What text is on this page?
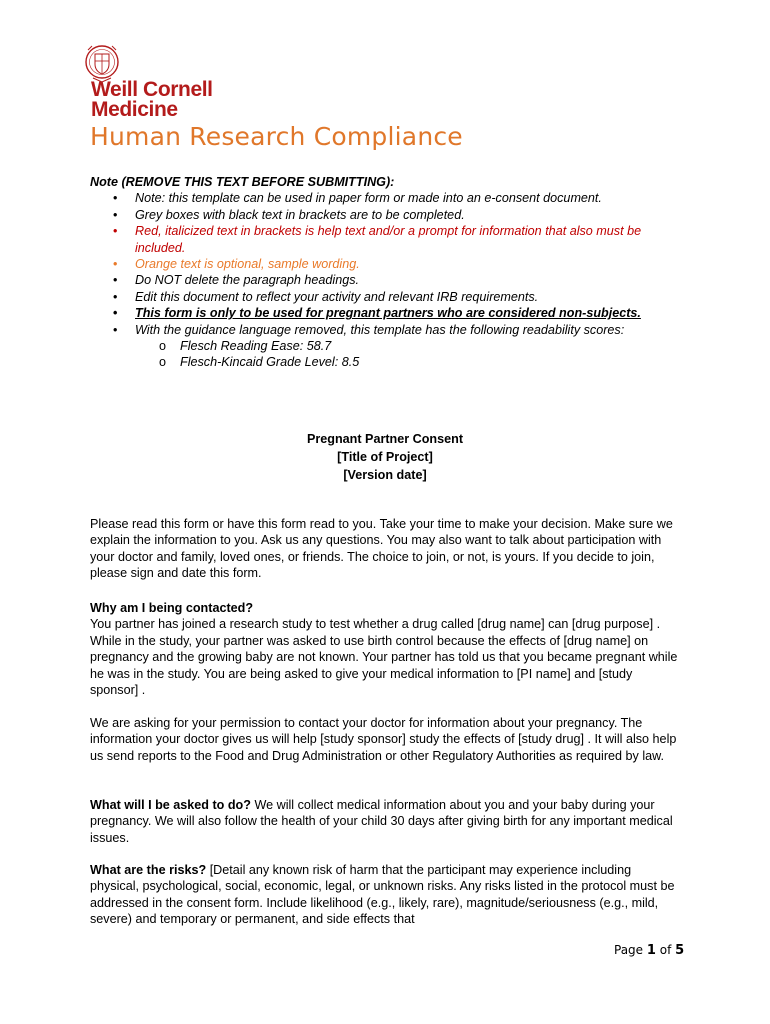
Weill Cornell
Medicine
Human Research Compliance
Note (REMOVE THIS TEXT BEFORE SUBMITTING):
• Note: this template can be used in paper form or made into an e-consent document.
• Grey boxes with black text in brackets are to be completed.
• Red, italicized text in brackets is help text and/or a prompt for information that also must be included.
• Orange text is optional, sample wording.
• Do NOT delete the paragraph headings.
• Edit this document to reflect your activity and relevant IRB requirements.
• This form is only to be used for pregnant partners who are considered non-subjects.
• With the guidance language removed, this template has the following readability scores:
o Flesch Reading Ease: 58.7
o Flesch-Kincaid Grade Level: 8.5
Pregnant Partner Consent
[Title of Project]
[Version date]
Please read this form or have this form read to you. Take your time to make your decision. Make sure we explain the information to you. Ask us any questions. You may also want to talk about participation with your doctor and family, loved ones, or friends. The choice to join, or not, is yours. If you decide to join, please sign and date this form.
Why am I being contacted?
You partner has joined a research study to test whether a drug called [drug name] can [drug purpose] . While in the study, your partner was asked to use birth control because the effects of [drug name] on pregnancy and the growing baby are not known. Your partner has told us that you became pregnant while he was in the study. You are being asked to give your medical information to [PI name] and [study sponsor] .
We are asking for your permission to contact your doctor for information about your pregnancy. The information your doctor gives us will help [study sponsor] study the effects of [study drug] . It will also help us send reports to the Food and Drug Administration or other Regulatory Authorities as required by law.
What will I be asked to do? We will collect medical information about you and your baby during your pregnancy. We will also follow the health of your child 30 days after giving birth for any important medical issues.
What are the risks? [Detail any known risk of harm that the participant may experience including physical, psychological, social, economic, legal, or unknown risks. Any risks listed in the protocol must be addressed in the consent form. Include likelihood (e.g., likely, rare), magnitude/seriousness (e.g., mild, severe) and temporary or permanent, and side effects that
Page 1 of 5
